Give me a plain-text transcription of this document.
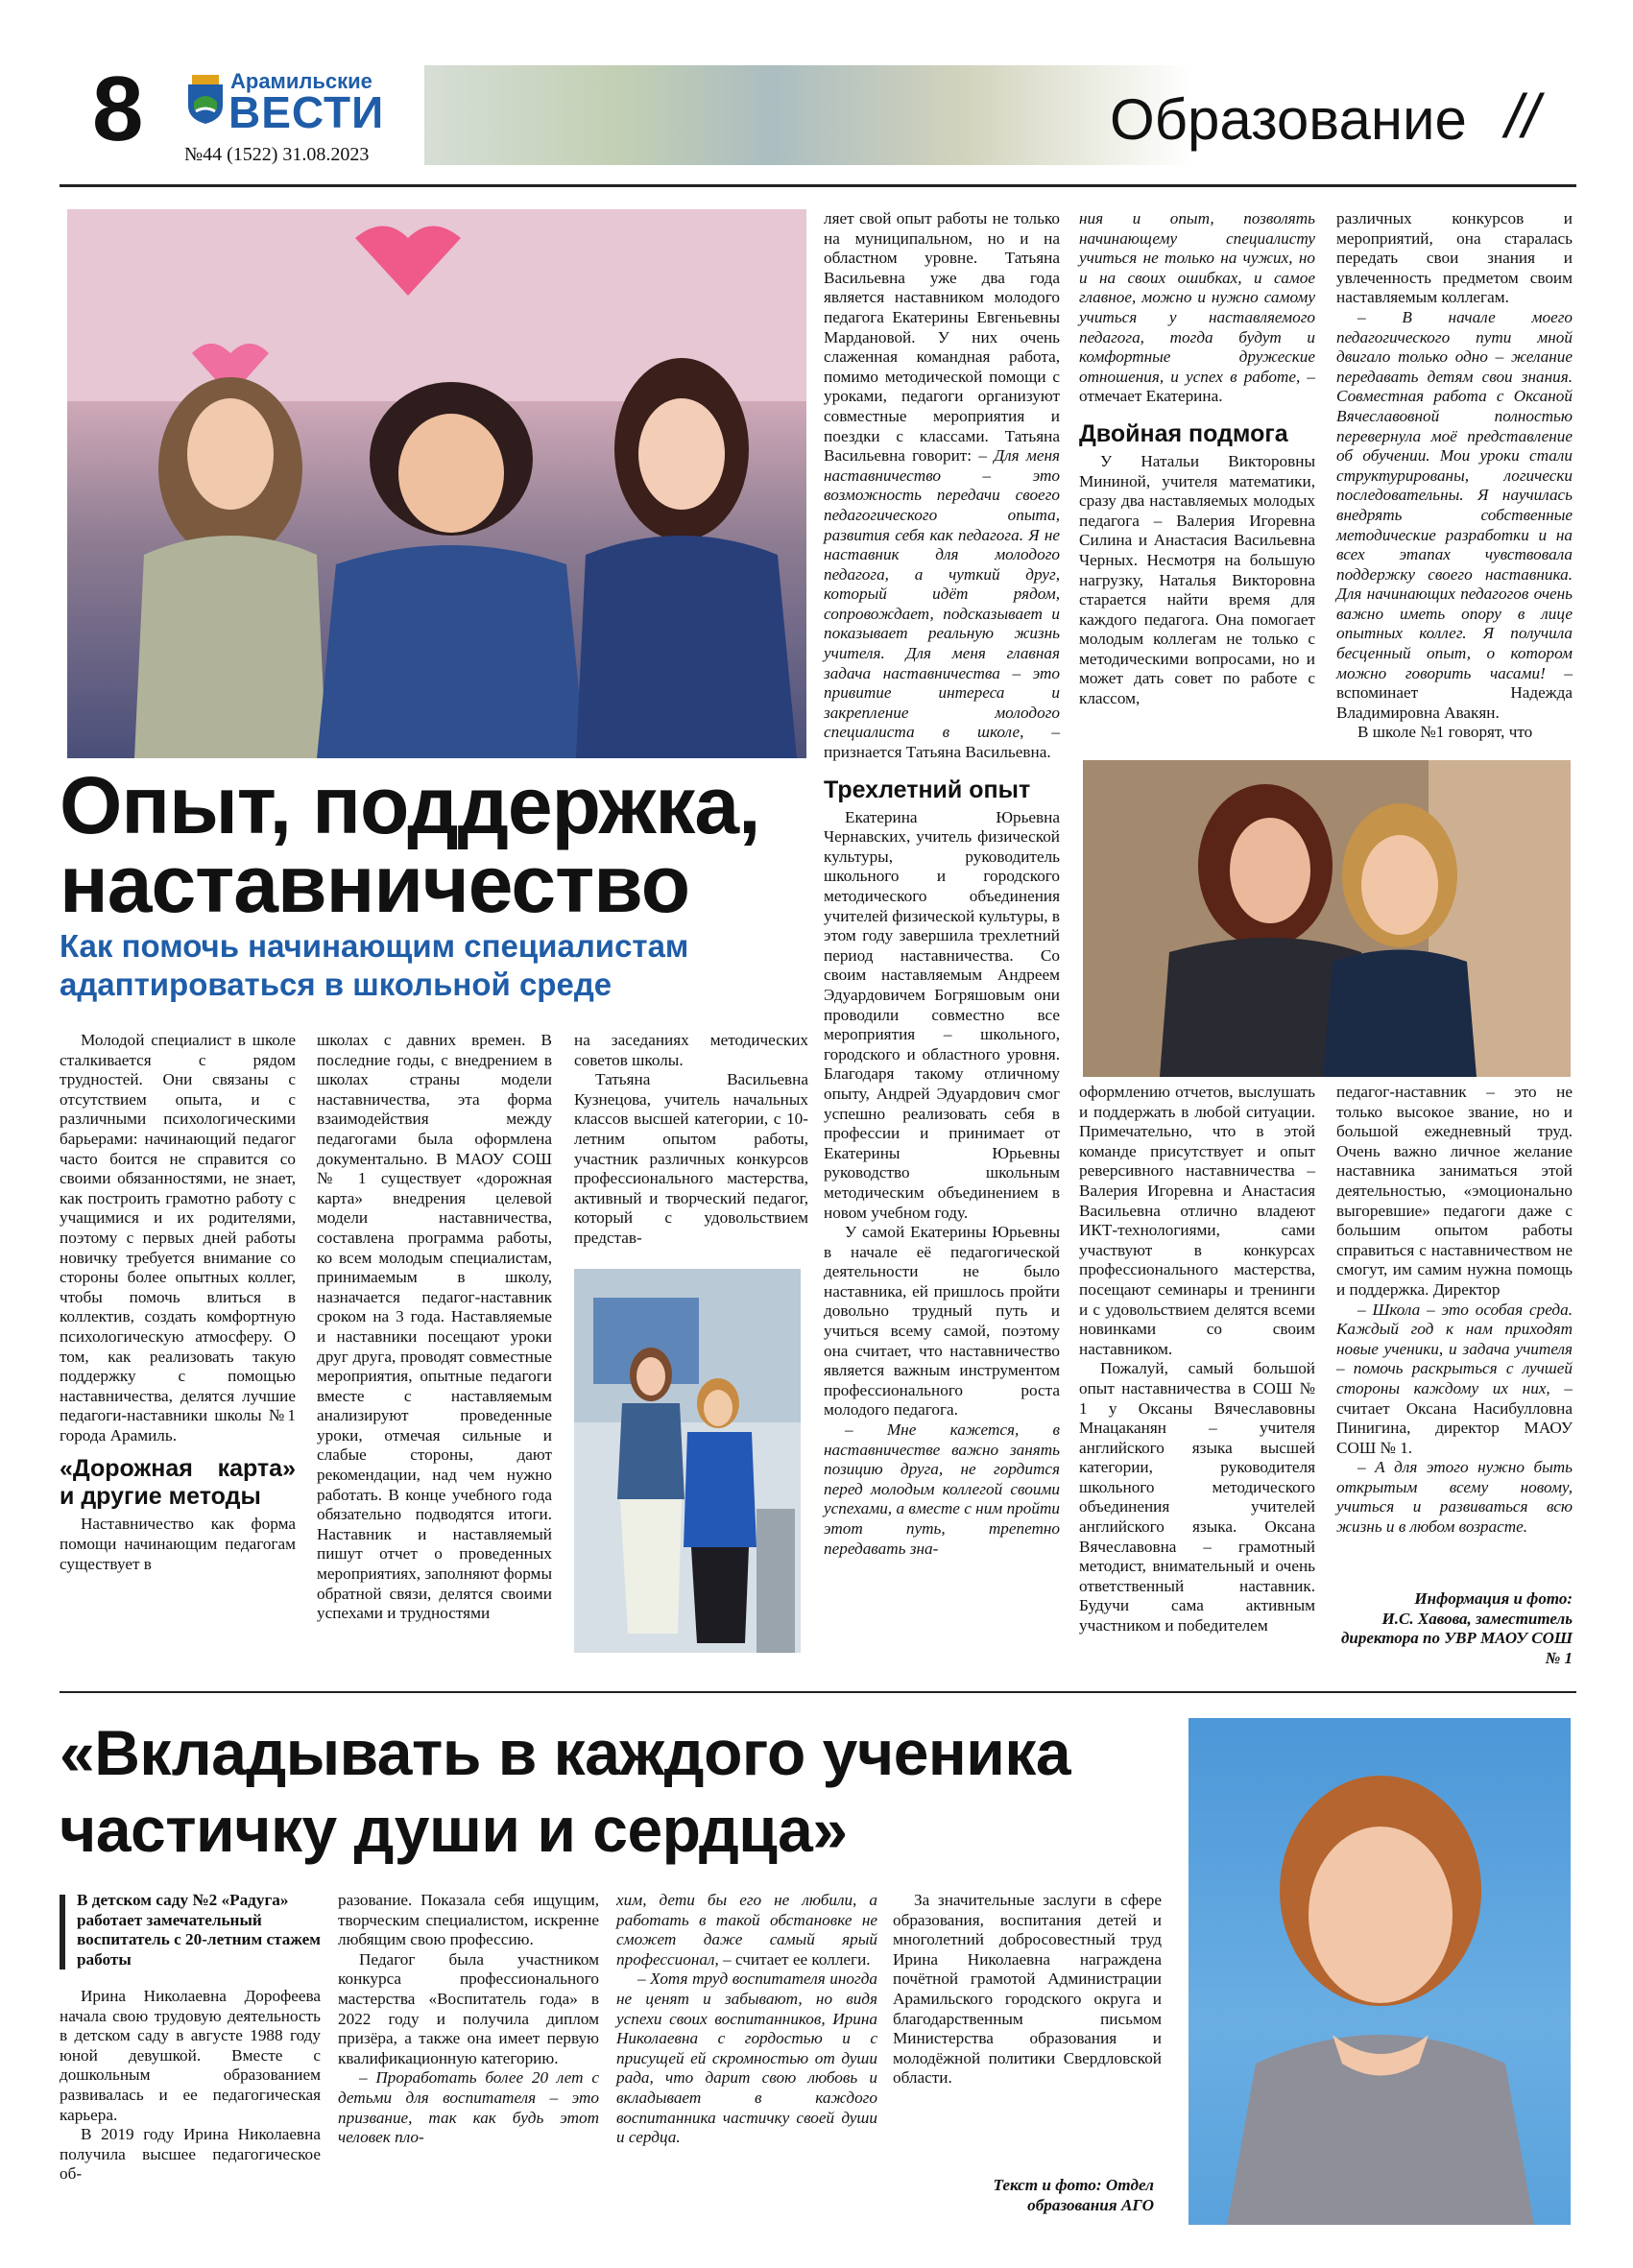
8	Арамильские
ВЕСТИ
№44 (1522) 31.08.2023
Образование //
Опыт, поддержка,
наставничество
Как помочь начинающим специалистам адаптироваться в школьной среде

Молодой специалист в школе сталкивается с рядом трудностей. Они связаны с отсутствием опыта, и с различными психологическими барьерами: начинающий педагог часто боится не справится со своими обязанностями, не знает, как построить грамотно работу с учащимися и их родителями, поэтому с первых дней работы новичку требуется внимание со стороны более опытных коллег, чтобы помочь влиться в коллектив, создать комфортную психологическую атмосферу. О том, как реализовать такую поддержку с помощью наставничества, делятся лучшие педагоги-наставники школы №1 города Арамиль.

«Дорожная карта» и другие методы

Наставничество как форма помощи начинающим педагогам существует в

школах с давних времен. В последние годы, с внедрением в школах страны модели наставничества, эта форма взаимодействия между педагогами была оформлена документально. В МАОУ СОШ № 1 существует «дорожная карта» внедрения целевой модели наставничества, составлена программа работы, ко всем молодым специалистам, принимаемым в школу, назначается педагог-наставник сроком на 3 года. Наставляемые и наставники посещают уроки друг друга, проводят совместные мероприятия, опытные педагоги вместе с наставляемым анализируют проведенные уроки, отмечая сильные и слабые стороны, дают рекомендации, над чем нужно работать. В конце учебного года обязательно подводятся итоги. Наставник и наставляемый пишут отчет о проведенных мероприятиях, заполняют формы обратной связи, делятся своими успехами и трудностями

на заседаниях методических советов школы.

Татьяна Васильевна Кузнецова, учитель начальных классов высшей категории, с 10-летним опытом работы, участник различных конкурсов профессионального мастерства, активный и творческий педагог, который с удовольствием представ-

ляет свой опыт работы не только на муниципальном, но и на областном уровне. Татьяна Васильевна уже два года является наставником молодого педагога Екатерины Евгеньевны Мардановой. У них очень слаженная командная работа, помимо методической помощи с уроками, педагоги организуют совместные мероприятия и поездки с классами. Татьяна Васильевна говорит: – Для меня наставничество – это возможность передачи своего педагогического опыта, развития себя как педагога. Я не наставник для молодого педагога, а чуткий друг, который идёт рядом, сопровождает, подсказывает и показывает реальную жизнь учителя. Для меня главная задача наставничества – это привитие интереса и закрепление молодого специалиста в школе, – признается Татьяна Васильевна.

Трехлетний опыт

Екатерина Юрьевна Чернавских, учитель физической культуры, руководитель школьного и городского методического объединения учителей физической культуры, в этом году завершила трехлетний период наставничества. Со своим наставляемым Андреем Эдуардовичем Богряшовым они проводили совместно все мероприятия – школьного, городского и областного уровня. Благодаря такому отличному опыту, Андрей Эдуардович смог успешно реализовать себя в профессии и принимает от Екатерины Юрьевны руководство школьным методическим объединением в новом учебном году.

У самой Екатерины Юрьевны в начале её педагогической деятельности не было наставника, ей пришлось пройти довольно трудный путь и учиться всему самой, поэтому она считает, что наставничество является важным инструментом профессионального роста молодого педагога.

– Мне кажется, в наставничестве важно занять позицию друга, не гордится перед молодым коллегой своими успехами, а вместе с ним пройти этот путь, трепетно передавать зна-

ния и опыт, позволять начинающему специалисту учиться не только на чужих, но и на своих ошибках, и самое главное, можно и нужно самому учиться у наставляемого педагога, тогда будут и комфортные дружеские отношения, и успех в работе, – отмечает Екатерина.

Двойная подмога

У Натальи Викторовны Мининой, учителя математики, сразу два наставляемых молодых педагога – Валерия Игоревна Силина и Анастасия Васильевна Черных. Несмотря на большую нагрузку, Наталья Викторовна старается найти время для каждого педагога. Она помогает молодым коллегам не только с методическими вопросами, но и может дать совет по работе с классом,

различных конкурсов и мероприятий, она старалась передать свои знания и увлеченность предметом своим наставляемым коллегам.

– В начале моего педагогического пути мной двигало только одно – желание передавать детям свои знания. Совместная работа с Оксаной Вячеславовной полностью перевернула моё представление об обучении. Мои уроки стали структурированы, логически последовательны. Я научилась внедрять собственные методические разработки и на всех этапах чувствовала поддержку своего наставника. Для начинающих педагогов очень важно иметь опору в лице опытных коллег. Я получила бесценный опыт, о котором можно говорить часами! – вспоминает Надежда Владимировна Авакян.

В школе №1 говорят, что

оформлению отчетов, выслушать и поддержать в любой ситуации. Примечательно, что в этой команде присутствует и опыт реверсивного наставничества – Валерия Игоревна и Анастасия Васильевна отлично владеют ИКТ-технологиями, сами участвуют в конкурсах профессионального мастерства, посещают семинары и тренинги и с удовольствием делятся всеми новинками со своим наставником.

Пожалуй, самый большой опыт наставничества в СОШ № 1 у Оксаны Вячеславовны Мнацаканян – учителя английского языка высшей категории, руководителя школьного методического объединения учителей английского языка. Оксана Вячеславовна – грамотный методист, внимательный и очень ответственный наставник. Будучи сама активным участником и победителем

педагог-наставник – это не только высокое звание, но и большой ежедневный труд. Очень важно личное желание наставника заниматься этой деятельностью, «эмоционально выгоревшие» педагоги даже с большим опытом работы справиться с наставничеством не смогут, им самим нужна помощь и поддержка. Директор

– Школа – это особая среда. Каждый год к нам приходят новые ученики, и задача учителя – помочь раскрыться с лучшей стороны каждому их них, – считает Оксана Насибулловна Пинигина, директор МАОУ СОШ № 1.

– А для этого нужно быть открытым всему новому, учиться и развиваться всю жизнь и в любом возрасте.

Информация и фото:
И.С. Хавова, заместитель директора по УВР МАОУ СОШ № 1
«Вкладывать в каждого ученика
частичку души и сердца»
В детском саду №2 «Радуга» работает замечательный воспитатель с 20-летним стажем работы

Ирина Николаевна Дорофеева начала свою трудовую деятельность в детском саду в августе 1988 году юной девушкой. Вместе с дошкольным образованием развивалась и ее педагогическая карьера.

В 2019 году Ирина Николаевна получила высшее педагогическое об-

разование. Показала себя ищущим, творческим специалистом, искренне любящим свою профессию.

Педагог была участником конкурса профессионального мастерства «Воспитатель года» в 2022 году и получила диплом призёра, а также она имеет первую квалификационную категорию.

– Проработать более 20 лет с детьми для воспитателя – это призвание, так как будь этот человек пло-

хим, дети бы его не любили, а работать в такой обстановке не сможет даже самый ярый профессионал, – считает ее коллеги.

– Хотя труд воспитателя иногда не ценят и забывают, но видя успехи своих воспитанников, Ирина Николаевна с гордостью и с присущей ей скромностью от души рада, что дарит свою любовь и вкладывает в каждого воспитанника частичку своей души и сердца.

За значительные заслуги в сфере образования, воспитания детей и многолетний добросовестный труд Ирина Николаевна награждена почётной грамотой Администрации Арамильского городского округа и благодарственным письмом Министерства образования и молодёжной политики Свердловской области.

Текст и фото: Отдел
образования АГО
